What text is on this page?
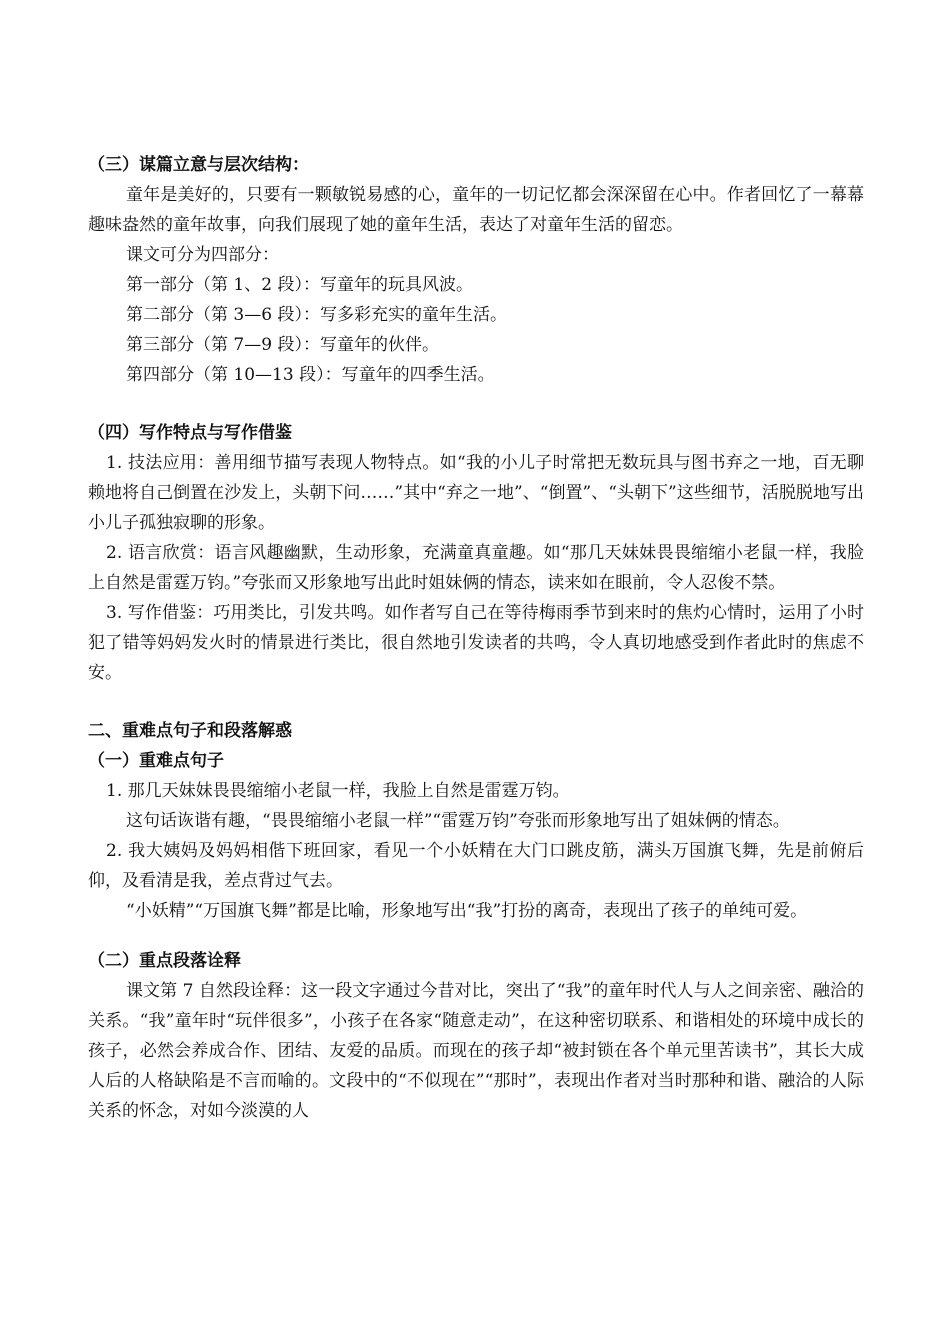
（三）谋篇立意与层次结构：

童年是美好的，只要有一颗敏锐易感的心，童年的一切记忆都会深深留在心中。作者回忆了一幕幕趣味盎然的童年故事，向我们展现了她的童年生活，表达了对童年生活的留恋。

课文可分为四部分：

第一部分（第 1、2 段）：写童年的玩具风波。

第二部分（第 3—6 段）：写多彩充实的童年生活。

第三部分（第 7—9 段）：写童年的伙伴。

第四部分（第 10—13 段）：写童年的四季生活。

（四）写作特点与写作借鉴

1. 技法应用：善用细节描写表现人物特点。如“我的小儿子时常把无数玩具与图书弃之一地，百无聊赖地将自己倒置在沙发上，头朝下问……”其中“弃之一地”、“倒置”、“头朝下”这些细节，活脱脱地写出小儿子孤独寂聊的形象。

2. 语言欣赏：语言风趣幽默，生动形象，充满童真童趣。如“那几天妹妹畏畏缩缩小老鼠一样，我脸上自然是雷霆万钧。”夸张而又形象地写出此时姐妹俩的情态，读来如在眼前，令人忍俊不禁。

3. 写作借鉴：巧用类比，引发共鸣。如作者写自己在等待梅雨季节到来时的焦灼心情时，运用了小时犯了错等妈妈发火时的情景进行类比，很自然地引发读者的共鸣，令人真切地感受到作者此时的焦虑不安。

二、重难点句子和段落解惑

（一）重难点句子

1. 那几天妹妹畏畏缩缩小老鼠一样，我脸上自然是雷霆万钧。

这句话诙谐有趣，“畏畏缩缩小老鼠一样”“雷霆万钧”夸张而形象地写出了姐妹俩的情态。

2. 我大姨妈及妈妈相偕下班回家，看见一个小妖精在大门口跳皮筋，满头万国旗飞舞，先是前俯后仰，及看清是我，差点背过气去。

“小妖精”“万国旗飞舞”都是比喻，形象地写出“我”打扮的离奇，表现出了孩子的单纯可爱。

（二）重点段落诠释

课文第 7 自然段诠释：这一段文字通过今昔对比，突出了“我”的童年时代人与人之间亲密、融洽的关系。“我”童年时“玩伴很多”，小孩子在各家“随意走动”，在这种密切联系、和谐相处的环境中成长的孩子，必然会养成合作、团结、友爱的品质。而现在的孩子却“被封锁在各个单元里苦读书”，其长大成人后的人格缺陷是不言而喻的。文段中的“不似现在”“那时”，表现出作者对当时那种和谐、融洽的人际关系的怀念，对如今淡漠的人
